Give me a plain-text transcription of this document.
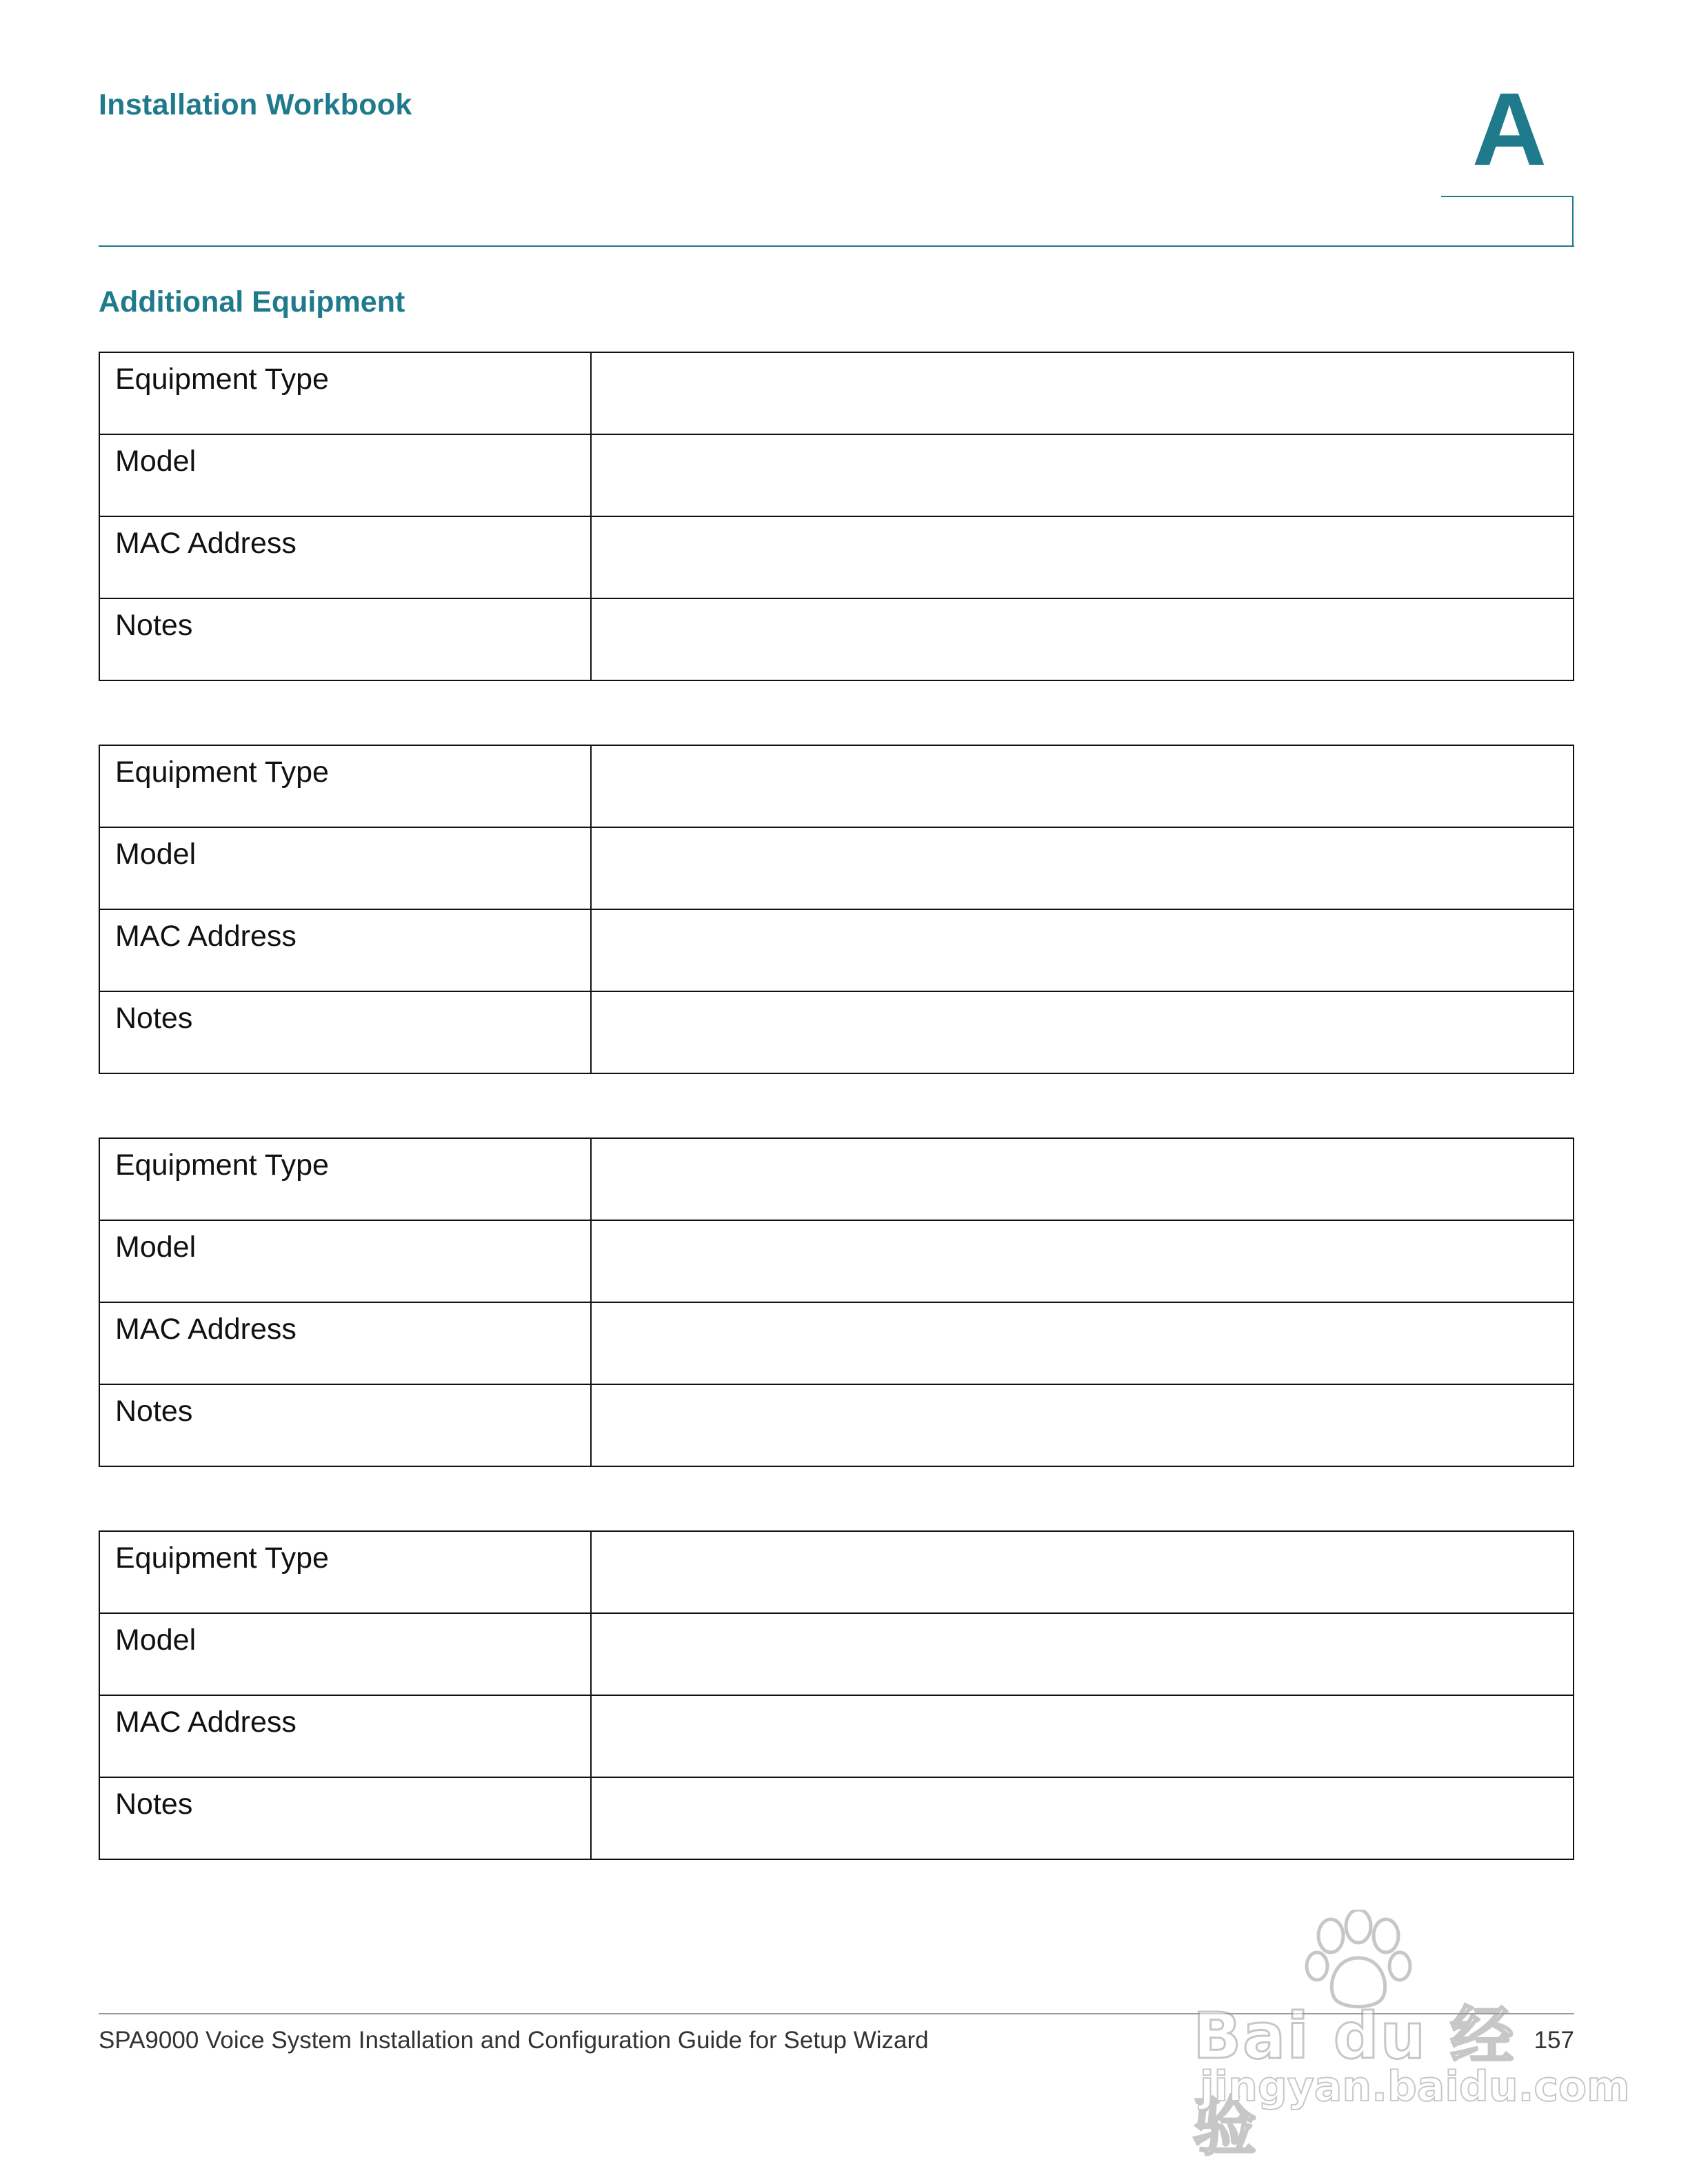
Installation Workbook	A
Additional Equipment
Equipment Type	
Model	
MAC Address	
Notes	
Equipment Type	
Model	
MAC Address	
Notes	
Equipment Type	
Model	
MAC Address	
Notes	
Equipment Type	
Model	
MAC Address	
Notes	
SPA9000 Voice System Installation and Configuration Guide for Setup Wizard	157
Bai du 经验
jingyan.baidu.com
